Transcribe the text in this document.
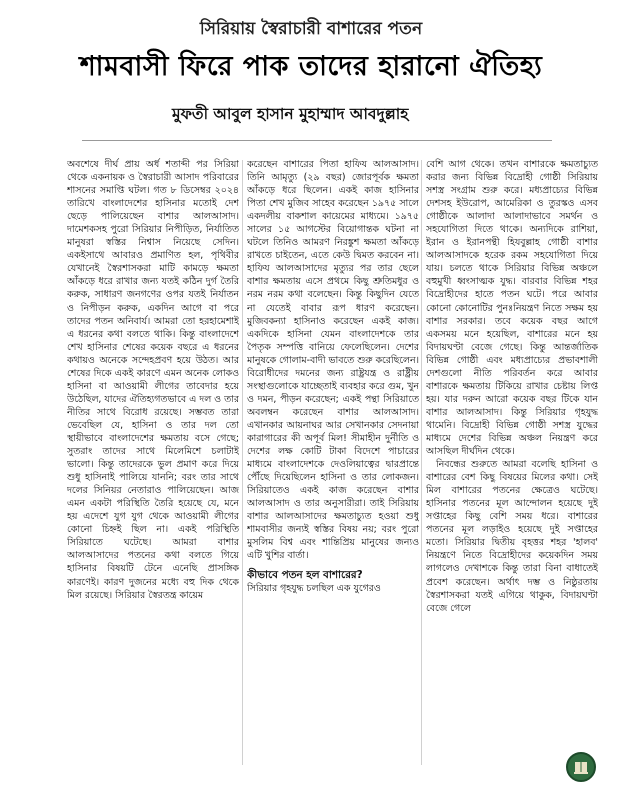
সিরিয়ায় স্বৈরাচারী বাশারের পতন
শামবাসী ফিরে পাক তাদের হারানো ঐতিহ্য
মুফতী আবুল হাসান মুহাম্মাদ আবদুল্লাহ

অবশেষে দীর্ঘ প্রায় অর্ধ শতাব্দী পর সিরিয়া থেকে একনায়ক ও স্বৈরাচারী আসাদ পরিবারের শাসনের সমাপ্তি ঘটল। গত ৮ ডিসেম্বর ২০২৪ তারিখে বাংলাদেশের হাসিনার মতোই দেশ ছেড়ে পালিয়েছেন বাশার আলআসাদ। দামেশকসহ পুরো সিরিয়ার নিপীড়িত, নির্যাতিত মানুষরা স্বস্তির নিশ্বাস নিয়েছে সেদিন। একইসাথে আবারও প্রমাণিত হল, পৃথিবীর যেখানেই স্বৈরশাসকরা মাটি কামড়ে ক্ষমতা আঁকড়ে ধরে রাখার জন্য যতই কঠিন দুর্গ তৈরি করুক, সাধারণ জনগণের ওপর যতই নির্যাতন ও নিপীড়ন করুক, একদিন আগে বা পরে তাদের পতন অনিবার্য। আমরা তো হরহামেশাই এ ধরনের কথা বলতে থাকি। কিন্তু বাংলাদেশে শেখ হাসিনার শেষের কয়েক বছরে এ ধরনের কথায়ও অনেকে সন্দেহপ্রবণ হয়ে উঠত। আর শেষের দিকে একই কারণে এমন অনেক লোকও হাসিনা বা আওয়ামী লীগের তাবেদার হয়ে উঠেছিল, যাদের ঐতিহ্যগতভাবে এ দল ও তার নীতির সাথে বিরোধ রয়েছে। সম্ভবত তারা ভেবেছিল যে, হাসিনা ও তার দল তো স্থায়ীভাবে বাংলাদেশের ক্ষমতায় বসে গেছে; সুতরাং তাদের সাথে মিলেমিশে চলাটাই ভালো। কিন্তু তাদেরকে ভুল প্রমাণ করে দিয়ে শুধু হাসিনাই পালিয়ে যাননি; বরং তার সাথে দলের সিনিয়র নেতারাও পালিয়েছেন। আজ এমন একটা পরিস্থিতি তৈরি হয়েছে যে, মনে হয় এদেশে যুগ যুগ থেকে আওয়ামী লীগের কোনো চিহ্নই ছিল না। একই পরিস্থিতি সিরিয়াতে ঘটেছে। আমরা বাশার আলআসাদের পতনের কথা বলতে গিয়ে হাসিনার বিষয়টি টেনে এনেছি প্রাসঙ্গিক কারণেই। কারণ দুজনের মধ্যে বহু দিক থেকে মিল রয়েছে। সিরিয়ার স্বৈরতন্ত্র কায়েম

করেছেন বাশারের পিতা হাফিয আলআসাদ। তিনি আমৃত্যু (২৯ বছর) জোরপূর্বক ক্ষমতা আঁকড়ে ধরে ছিলেন। একই কাজ হাসিনার পিতা শেখ মুজিব সাহেব করেছেন ১৯৭৫ সালে একদলীয় বাকশাল কায়েমের মাধ্যমে। ১৯৭৫ সালের ১৫ আগস্টের বিয়োগান্তক ঘটনা না ঘটলে তিনিও আমরণ নিরঙ্কুশ ক্ষমতা আঁকড়ে রাখতে চাইতেন, এতে কেউ দ্বিমত করবেন না। হাফিয আলআসাদের মৃত্যুর পর তার ছেলে বাশার ক্ষমতায় এসে প্রথমে কিছু শ্রুতিমধুর ও নরম নরম কথা বলেছেন। কিন্তু কিছুদিন যেতে না যেতেই বাবার রূপ ধারণ করেছেন। মুজিবকন্যা হাসিনাও করেছেন একই কাজ। একদিকে হাসিনা যেমন বাংলাদেশকে তার পৈতৃক সম্পত্তি বানিয়ে ফেলেছিলেন। দেশের মানুষকে গোলাম-বাদী ভাবতে শুরু করেছিলেন। বিরোধীদের দমনের জন্য রাষ্ট্রযন্ত্র ও রাষ্ট্রীয় সংস্থাগুলোকে যাচ্ছেতাই ব্যবহার করে গুম, খুন ও দমন, পীড়ন করেছেন; একই পন্থা সিরিয়াতে অবলম্বন করেছেন বাশার আলআসাদ। এখানকার আয়নাঘর আর সেখানকার সেদনায়া কারাগারের কী অপূর্ব মিল! সীমাহীন দুর্নীতি ও দেশের লক্ষ কোটি টাকা বিদেশে পাচারের মাধ্যমে বাংলাদেশকে দেওলিয়াত্বের দ্বারপ্রান্তে পৌঁছে দিয়েছিলেন হাসিনা ও তার লোকজন। সিরিয়াতেও একই কাজ করেছেন বাশার আলআসাদ ও তার অনুসারীরা। তাই সিরিয়ায় বাশার আলআসাদের ক্ষমতাচ্যুত হওয়া শুধু শামবাসীর জন্যই স্বস্তির বিষয় নয়; বরং পুরো মুসলিম বিশ্ব এবং শান্তিপ্রিয় মানুষের জন্যও এটি খুশির বার্তা।

কীভাবে পতন হল বাশারের?

সিরিয়ার গৃহযুদ্ধ চলছিল এক যুগেরও

বেশি আগ থেকে। তখন বাশারকে ক্ষমতাচ্যুত করার জন্য বিভিন্ন বিদ্রোহী গোষ্ঠী সিরিয়ায় সশস্ত্র সংগ্রাম শুরু করে। মধ্যপ্রাচ্যের বিভিন্ন দেশসহ ইউরোপ, আমেরিকা ও তুরস্কও এসব গোষ্ঠীকে আলাদা আলাদাভাবে সমর্থন ও সহযোগিতা দিতে থাকে। অন্যদিকে রাশিয়া, ইরান ও ইরানপন্থী হিযবুল্লাহ গোষ্ঠী বাশার আলআসাদকে হরেক রকম সহযোগিতা দিয়ে যায়। চলতে থাকে সিরিয়ার বিভিন্ন অঞ্চলে বহুমুখী ধ্বংসাত্মক যুদ্ধ। বারবার বিভিন্ন শহর বিদ্রোহীদের হাতে পতন ঘটে। পরে আবার কোনো কোনোটির পুনঃনিয়ন্ত্রণ নিতে সক্ষম হয় বাশার সরকার। তবে কয়েক বছর আগে একসময় মনে হয়েছিল, বাশারের মনে হয় বিদায়ঘণ্টা বেজে গেছে। কিন্তু আন্তর্জাতিক বিভিন্ন গোষ্ঠী এবং মধ্যপ্রাচ্যের প্রভাবশালী দেশগুলো নীতি পরিবর্তন করে আবার বাশারকে ক্ষমতায় টিকিয়ে রাখার চেষ্টায় লিপ্ত হয়। যার দরুন আরো কয়েক বছর টিকে যান বাশার আলআসাদ। কিন্তু সিরিয়ার গৃহযুদ্ধ থামেনি। বিদ্রোহী বিভিন্ন গোষ্ঠী সশস্ত্র যুদ্ধের মাধ্যমে দেশের বিভিন্ন অঞ্চল নিয়ন্ত্রণ করে আসছিল দীর্ঘদিন থেকে।

নিবন্ধের শুরুতে আমরা বলেছি হাসিনা ও বাশারের বেশ কিছু বিষয়ের মিলের কথা। সেই মিল বাশারের পতনের ক্ষেত্রেও ঘটেছে। হাসিনার পতনের মূল আন্দোলন হয়েছে দুই সপ্তাহের কিছু বেশি সময় ধরে। বাশারের পতনের মূল লড়াইও হয়েছে দুই সপ্তাহের মতো। সিরিয়ার দ্বিতীয় বৃহত্তর শহর 'হালব' নিয়ন্ত্রণে নিতে বিদ্রোহীদের কয়েকদিন সময় লাগলেও দেখাশকে কিন্তু তারা বিনা বাধাতেই প্রবেশ করেছেন। অর্থাৎ দম্ভ ও নিষ্ঠুরতায় স্বৈরশাসকরা যতই এগিয়ে থাকুক, বিদায়ঘণ্টা বেজে গেলে
